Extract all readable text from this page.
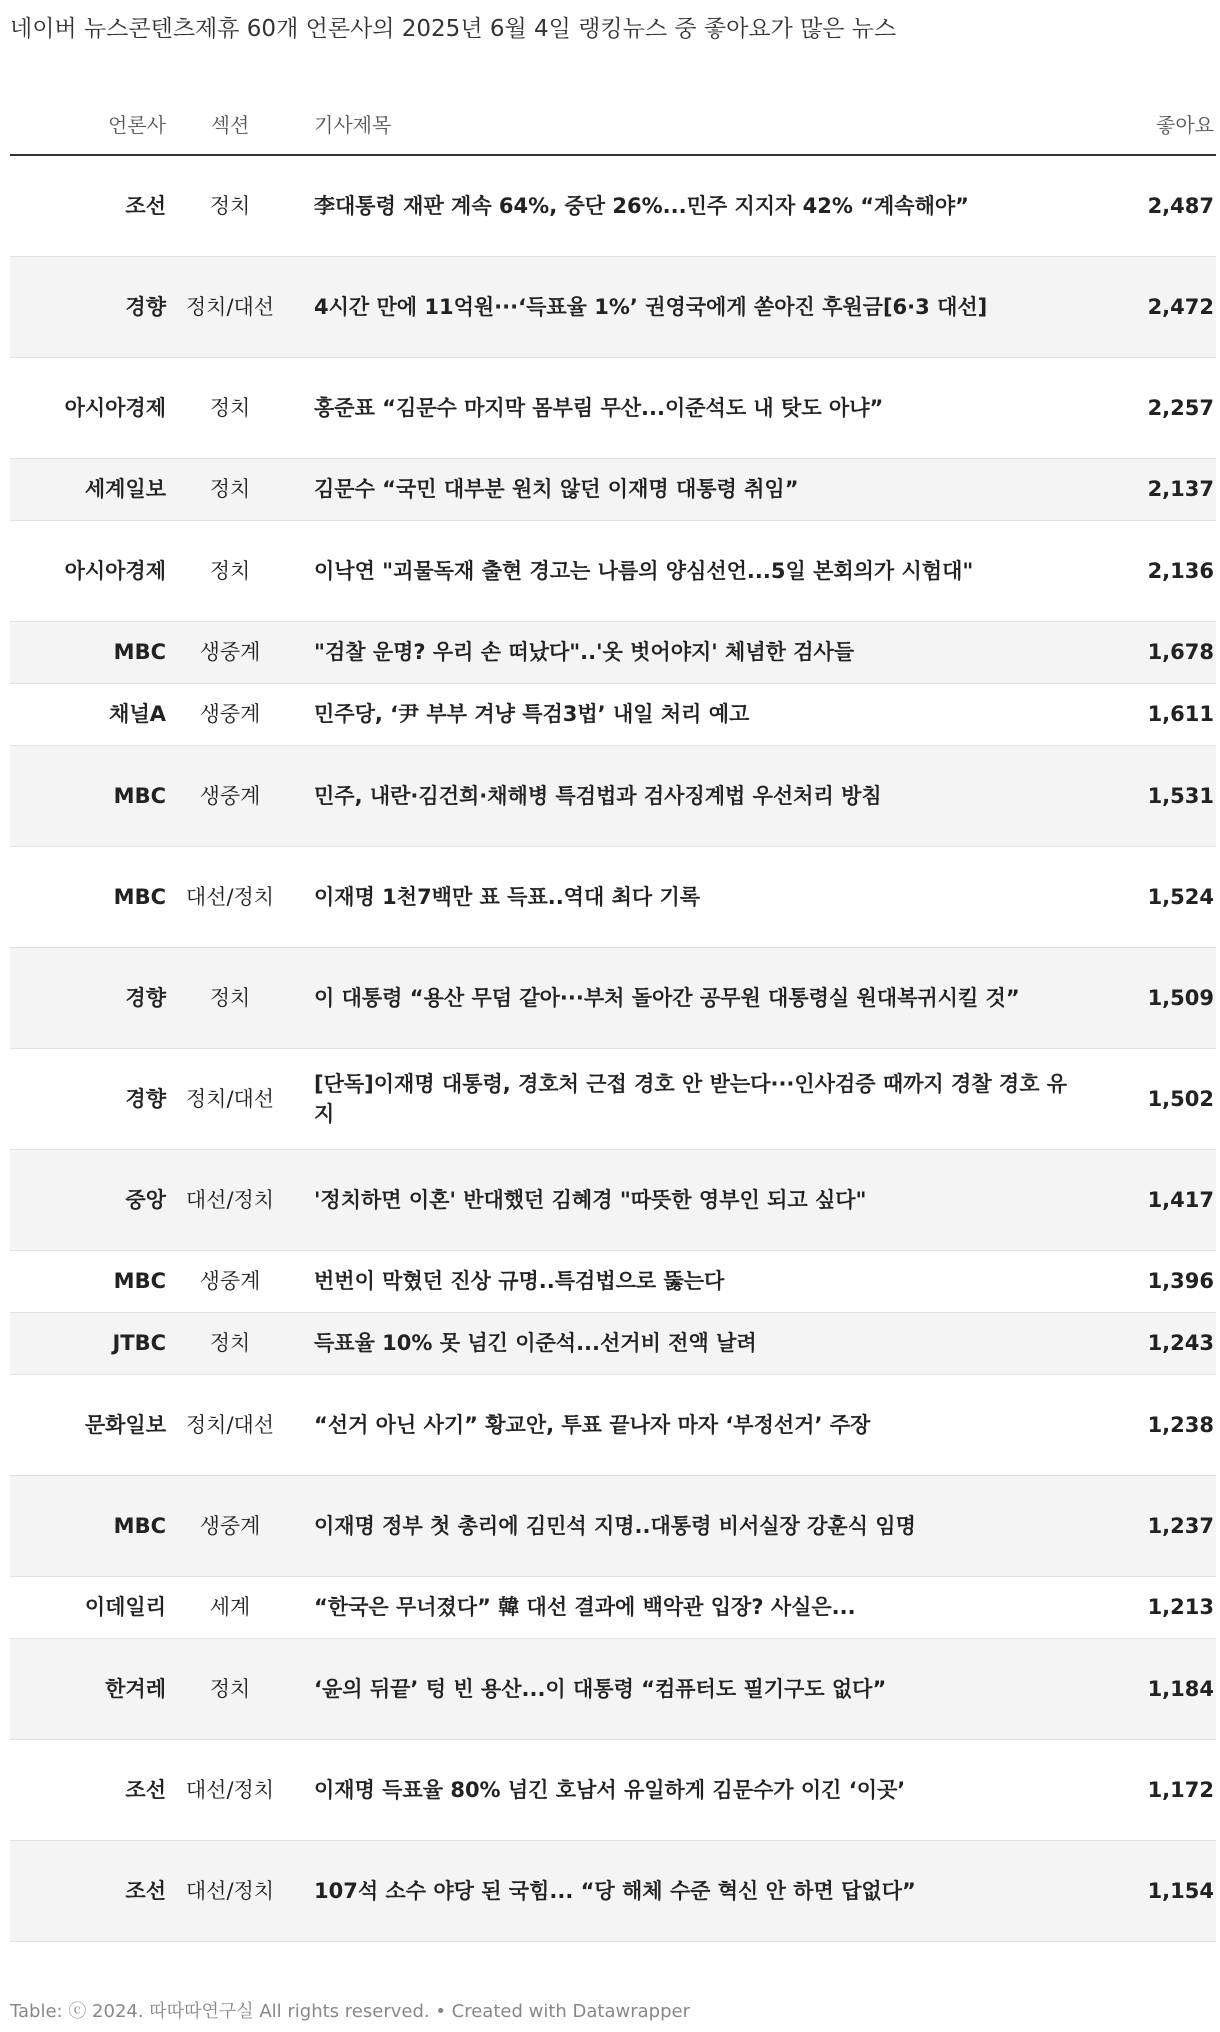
네이버 뉴스콘텐츠제휴 60개 언론사의 2025년 6월 4일 랭킹뉴스 중 좋아요가 많은 뉴스
언론사	섹션	기사제목	좋아요
조선	정치	李대통령 재판 계속 64%, 중단 26%...민주 지지자 42% “계속해야”	2,487
경향	정치/대선	4시간 만에 11억원···‘득표율 1%’ 권영국에게 쏟아진 후원금[6·3 대선]	2,472
아시아경제	정치	홍준표 “김문수 마지막 몸부림 무산...이준석도 내 탓도 아냐”	2,257
세계일보	정치	김문수 “국민 대부분 원치 않던 이재명 대통령 취임”	2,137
아시아경제	정치	이낙연 "괴물독재 출현 경고는 나름의 양심선언...5일 본회의가 시험대"	2,136
MBC	생중계	"검찰 운명? 우리 손 떠났다"..'옷 벗어야지' 체념한 검사들	1,678
채널A	생중계	민주당, ‘尹 부부 겨냥 특검3법’ 내일 처리 예고	1,611
MBC	생중계	민주, 내란·김건희·채해병 특검법과 검사징계법 우선처리 방침	1,531
MBC	대선/정치	이재명 1천7백만 표 득표..역대 최다 기록	1,524
경향	정치	이 대통령 “용산 무덤 같아···부처 돌아간 공무원 대통령실 원대복귀시킬 것”	1,509
경향	정치/대선	[단독]이재명 대통령, 경호처 근접 경호 안 받는다···인사검증 때까지 경찰 경호 유지	1,502
중앙	대선/정치	'정치하면 이혼' 반대했던 김혜경 "따뜻한 영부인 되고 싶다"	1,417
MBC	생중계	번번이 막혔던 진상 규명..특검법으로 뚫는다	1,396
JTBC	정치	득표율 10% 못 넘긴 이준석...선거비 전액 날려	1,243
문화일보	정치/대선	“선거 아닌 사기” 황교안, 투표 끝나자 마자 ‘부정선거’ 주장	1,238
MBC	생중계	이재명 정부 첫 총리에 김민석 지명..대통령 비서실장 강훈식 임명	1,237
이데일리	세계	“한국은 무너졌다” 韓 대선 결과에 백악관 입장? 사실은...	1,213
한겨레	정치	‘윤의 뒤끝’ 텅 빈 용산...이 대통령 “컴퓨터도 필기구도 없다”	1,184
조선	대선/정치	이재명 득표율 80% 넘긴 호남서 유일하게 김문수가 이긴 ‘이곳’	1,172
조선	대선/정치	107석 소수 야당 된 국힘... “당 해체 수준 혁신 안 하면 답없다”	1,154
Table: ⓒ 2024. 따따따연구실 All rights reserved. • Created with Datawrapper
